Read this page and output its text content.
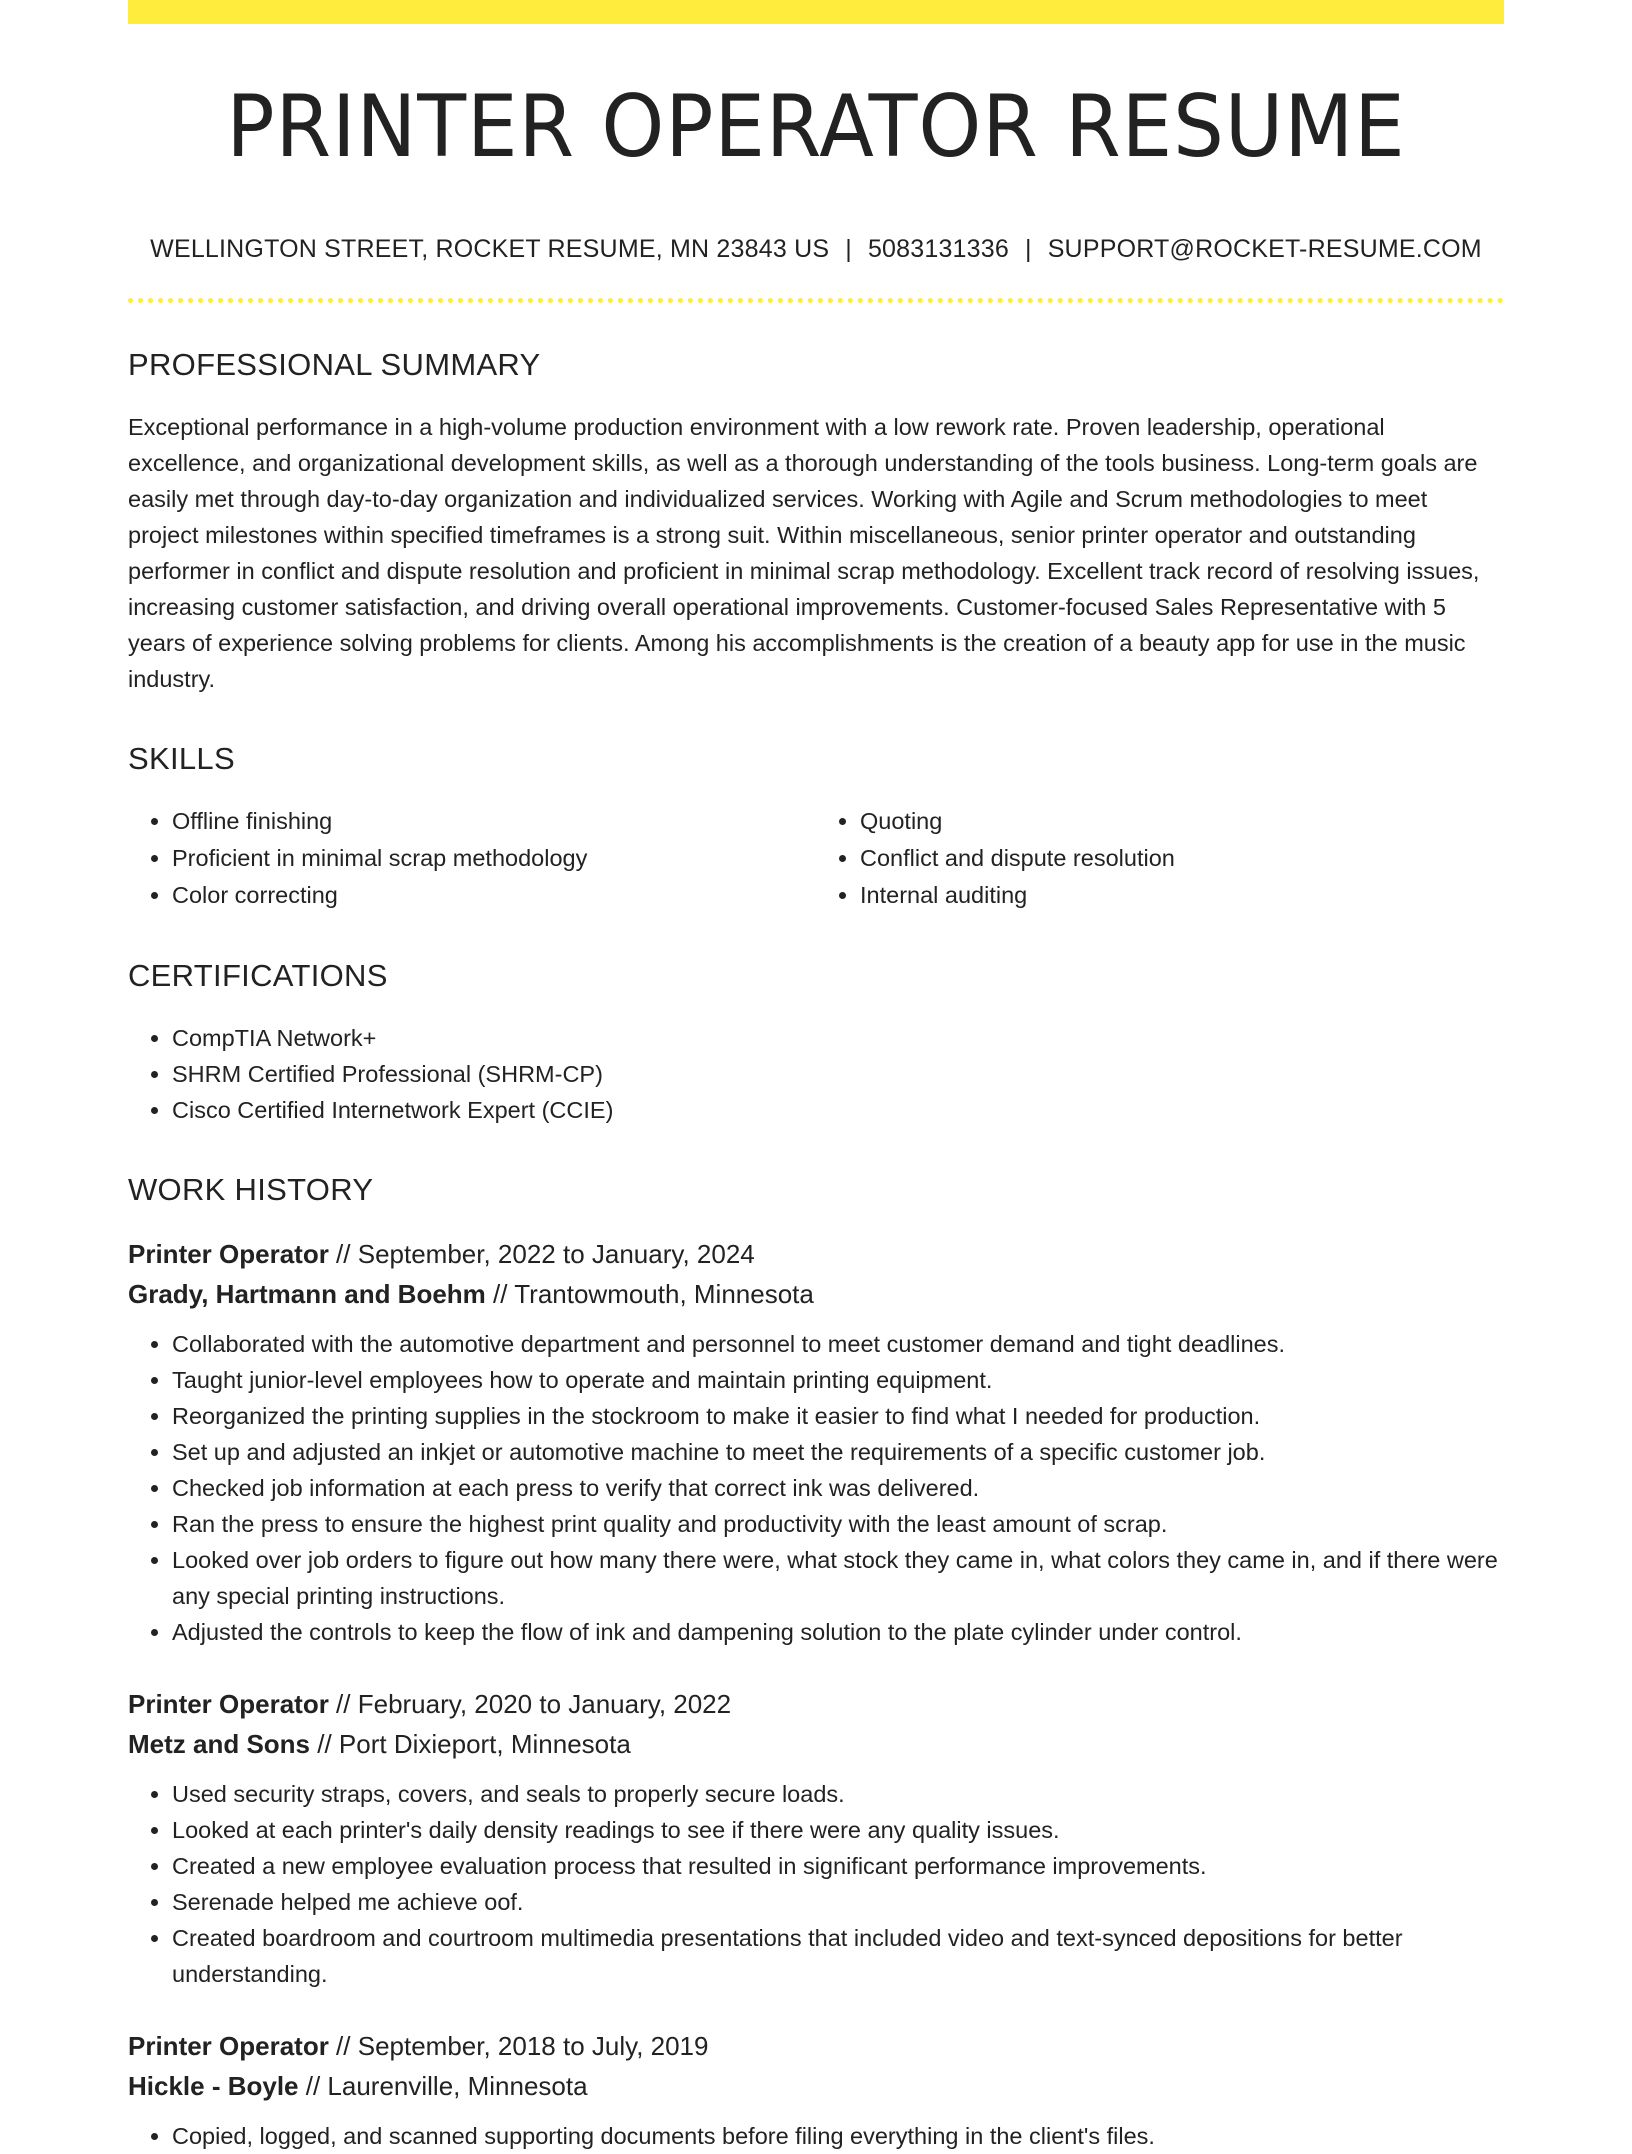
PRINTER OPERATOR RESUME
WELLINGTON STREET, ROCKET RESUME, MN 23843 US | 5083131336 | SUPPORT@ROCKET-RESUME.COM
PROFESSIONAL SUMMARY
Exceptional performance in a high-volume production environment with a low rework rate. Proven leadership, operational excellence, and organizational development skills, as well as a thorough understanding of the tools business. Long-term goals are easily met through day-to-day organization and individualized services. Working with Agile and Scrum methodologies to meet project milestones within specified timeframes is a strong suit. Within miscellaneous, senior printer operator and outstanding performer in conflict and dispute resolution and proficient in minimal scrap methodology. Excellent track record of resolving issues, increasing customer satisfaction, and driving overall operational improvements. Customer-focused Sales Representative with 5 years of experience solving problems for clients. Among his accomplishments is the creation of a beauty app for use in the music industry.
SKILLS
• Offline finishing
• Proficient in minimal scrap methodology
• Color correcting
• Quoting
• Conflict and dispute resolution
• Internal auditing
CERTIFICATIONS
• CompTIA Network+
• SHRM Certified Professional (SHRM-CP)
• Cisco Certified Internetwork Expert (CCIE)
WORK HISTORY
Printer Operator // September, 2022 to January, 2024
Grady, Hartmann and Boehm // Trantowmouth, Minnesota
• Collaborated with the automotive department and personnel to meet customer demand and tight deadlines.
• Taught junior-level employees how to operate and maintain printing equipment.
• Reorganized the printing supplies in the stockroom to make it easier to find what I needed for production.
• Set up and adjusted an inkjet or automotive machine to meet the requirements of a specific customer job.
• Checked job information at each press to verify that correct ink was delivered.
• Ran the press to ensure the highest print quality and productivity with the least amount of scrap.
• Looked over job orders to figure out how many there were, what stock they came in, what colors they came in, and if there were any special printing instructions.
• Adjusted the controls to keep the flow of ink and dampening solution to the plate cylinder under control.
Printer Operator // February, 2020 to January, 2022
Metz and Sons // Port Dixieport, Minnesota
• Used security straps, covers, and seals to properly secure loads.
• Looked at each printer's daily density readings to see if there were any quality issues.
• Created a new employee evaluation process that resulted in significant performance improvements.
• Serenade helped me achieve oof.
• Created boardroom and courtroom multimedia presentations that included video and text-synced depositions for better understanding.
Printer Operator // September, 2018 to July, 2019
Hickle - Boyle // Laurenville, Minnesota
• Copied, logged, and scanned supporting documents before filing everything in the client's files.
